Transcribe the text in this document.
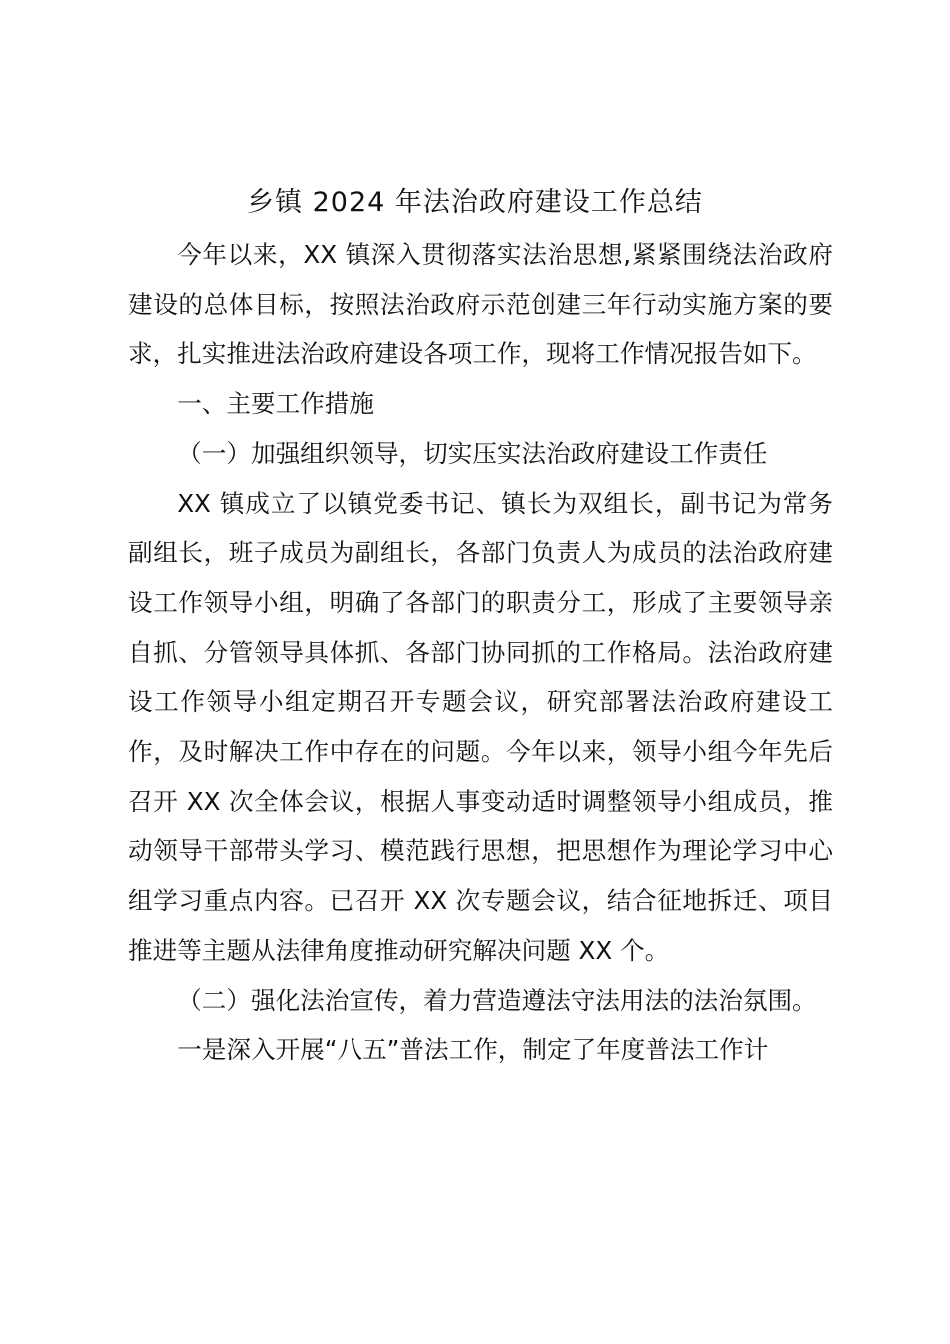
乡镇 2024 年法治政府建设工作总结

今年以来，XX 镇深入贯彻落实法治思想,紧紧围绕法治政府建设的总体目标，按照法治政府示范创建三年行动实施方案的要求，扎实推进法治政府建设各项工作，现将工作情况报告如下。

一、主要工作措施

（一）加强组织领导，切实压实法治政府建设工作责任

XX 镇成立了以镇党委书记、镇长为双组长，副书记为常务副组长，班子成员为副组长，各部门负责人为成员的法治政府建设工作领导小组，明确了各部门的职责分工，形成了主要领导亲自抓、分管领导具体抓、各部门协同抓的工作格局。法治政府建设工作领导小组定期召开专题会议，研究部署法治政府建设工作，及时解决工作中存在的问题。今年以来，领导小组今年先后召开 XX 次全体会议，根据人事变动适时调整领导小组成员，推动领导干部带头学习、模范践行思想，把思想作为理论学习中心组学习重点内容。已召开 XX 次专题会议，结合征地拆迁、项目推进等主题从法律角度推动研究解决问题 XX 个。

（二）强化法治宣传，着力营造遵法守法用法的法治氛围。

一是深入开展“八五”普法工作，制定了年度普法工作计
